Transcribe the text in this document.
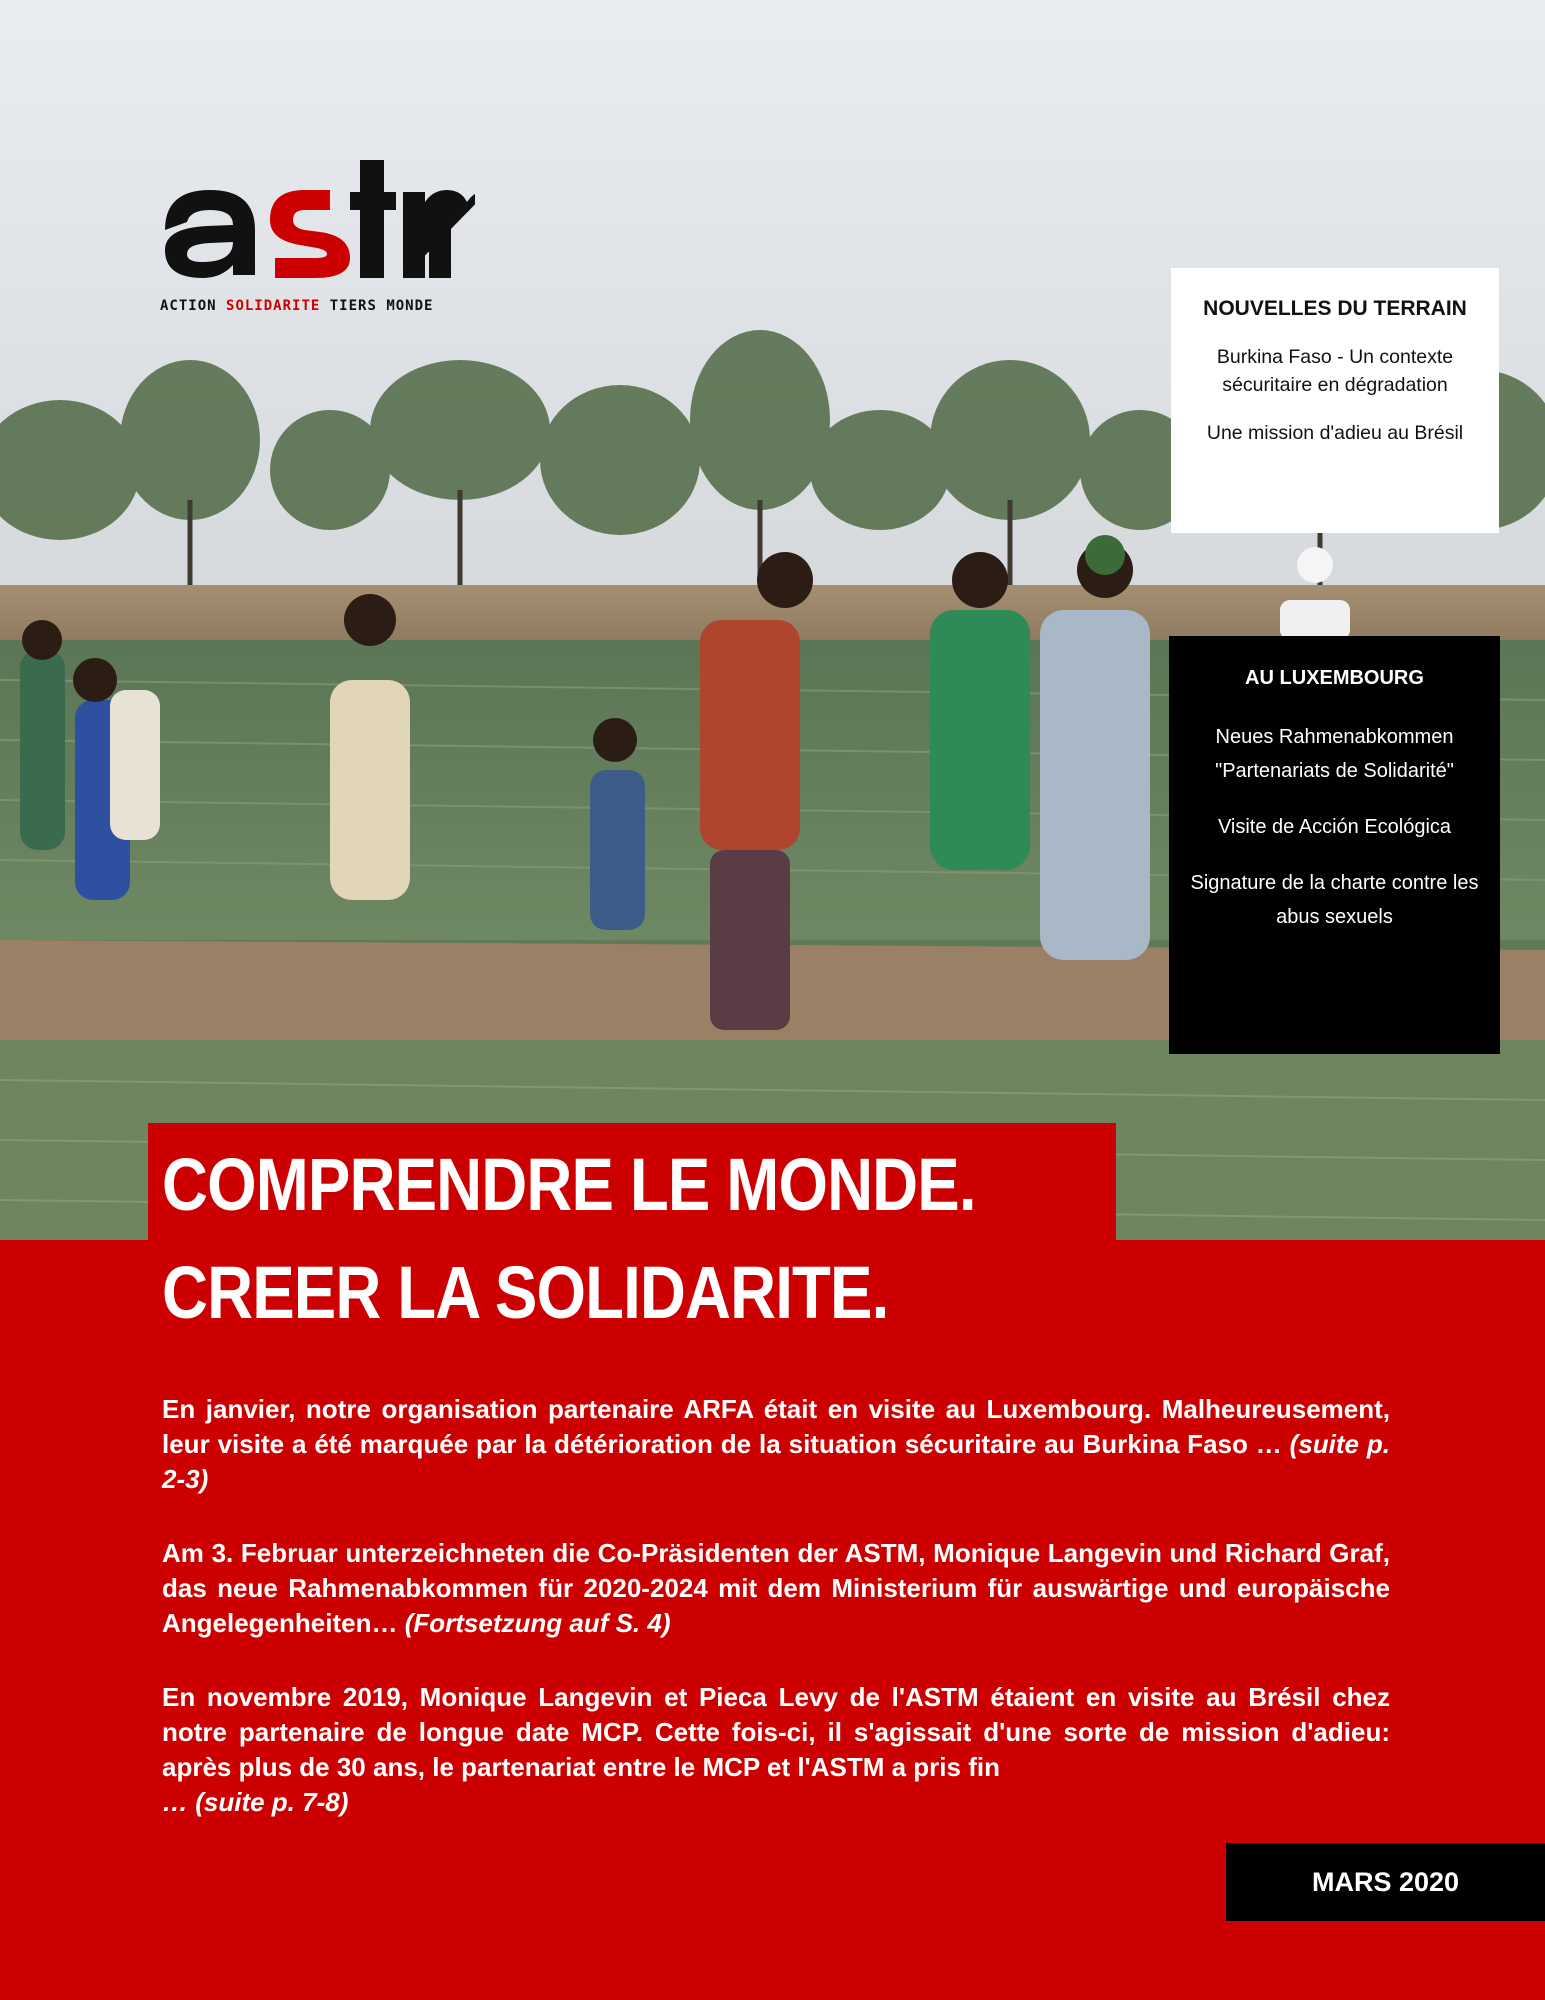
ACTION SOLIDARITE TIERS MONDE	NOUVELLES DU TERRAIN
Burkina Faso - Un contexte sécuritaire en dégradation
Une mission d'adieu au Brésil
AU LUXEMBOURG
Neues Rahmenabkommen "Partenariats de Solidarité"
Visite de Acción Ecológica
Signature de la charte contre les abus sexuels
COMPRENDRE LE MONDE.
CREER LA SOLIDARITE.
En janvier, notre organisation partenaire ARFA était en visite au Luxembourg. Malheureusement, leur visite a été marquée par la détérioration de la situation sécuritaire au Burkina Faso … (suite p. 2-3)
Am 3. Februar unterzeichneten die Co-Präsidenten der ASTM, Monique Langevin und Richard Graf, das neue Rahmenabkommen für 2020-2024 mit dem Ministerium für auswärtige und europäische Angelegenheiten… (Fortsetzung auf S. 4)
En novembre 2019, Monique Langevin et Pieca Levy de l'ASTM étaient en visite au Brésil chez notre partenaire de longue date MCP. Cette fois-ci, il s'agissait d'une sorte de mission d'adieu: après plus de 30 ans, le partenariat entre le MCP et l'ASTM a pris fin
… (suite p. 7-8)
MARS 2020
